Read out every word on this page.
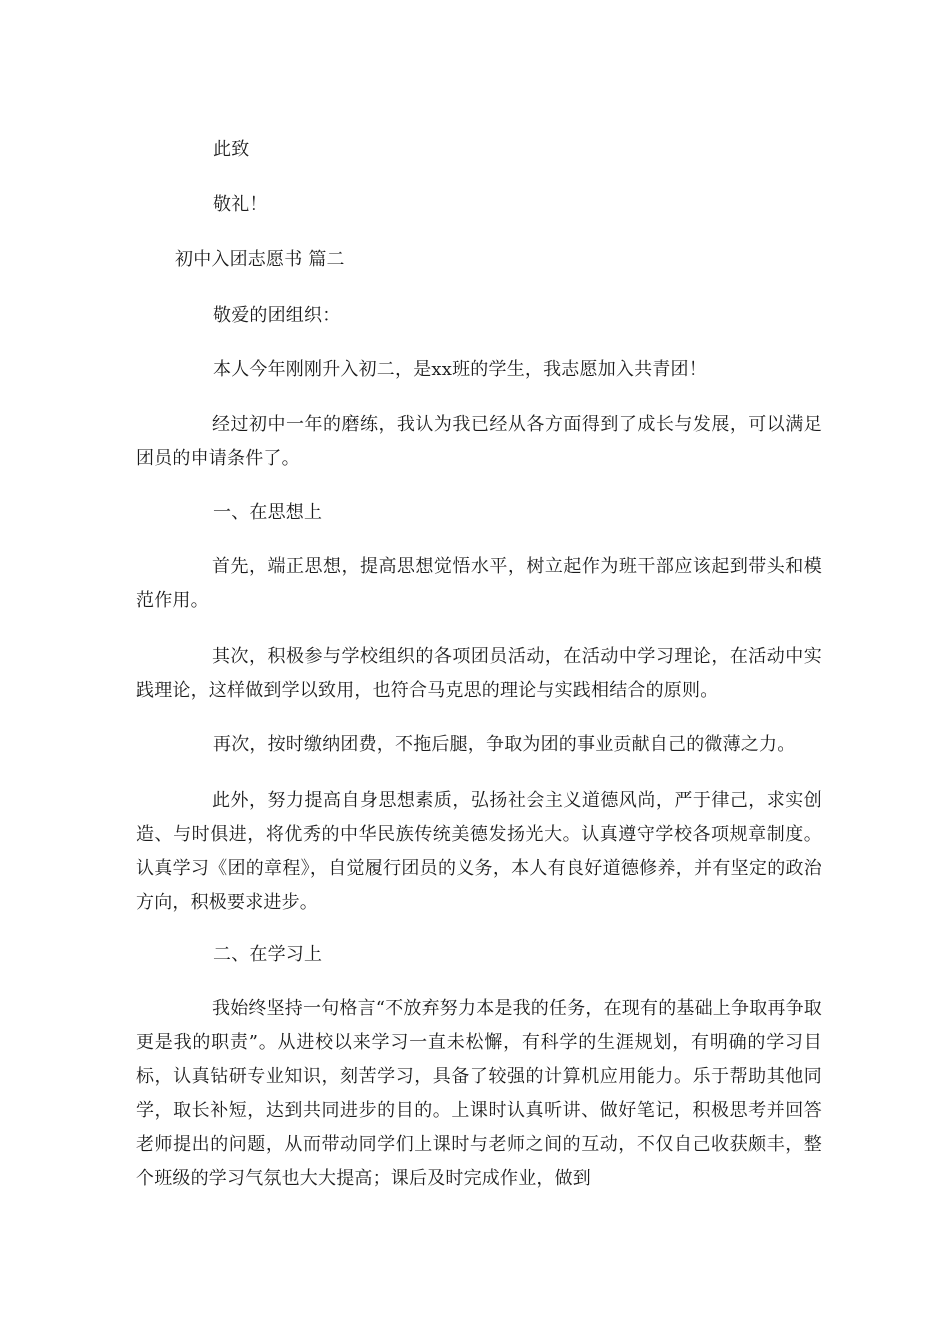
此致
敬礼！
初中入团志愿书 篇二
敬爱的团组织：
本人今年刚刚升入初二，是xx班的学生，我志愿加入共青团！
经过初中一年的磨练，我认为我已经从各方面得到了成长与发展，可以满足团员的申请条件了。
一、在思想上
首先，端正思想，提高思想觉悟水平，树立起作为班干部应该起到带头和模范作用。
其次，积极参与学校组织的各项团员活动，在活动中学习理论，在活动中实践理论，这样做到学以致用，也符合马克思的理论与实践相结合的原则。
再次，按时缴纳团费，不拖后腿，争取为团的事业贡献自己的微薄之力。
此外，努力提高自身思想素质，弘扬社会主义道德风尚，严于律己，求实创造、与时俱进，将优秀的中华民族传统美德发扬光大。认真遵守学校各项规章制度。认真学习《团的章程》，自觉履行团员的义务，本人有良好道德修养，并有坚定的政治方向，积极要求进步。
二、在学习上
我始终坚持一句格言“不放弃努力本是我的任务，在现有的基础上争取再争取更是我的职责”。从进校以来学习一直未松懈，有科学的生涯规划，有明确的学习目标，认真钻研专业知识，刻苦学习，具备了较强的计算机应用能力。乐于帮助其他同学，取长补短，达到共同进步的目的。上课时认真听讲、做好笔记，积极思考并回答老师提出的问题，从而带动同学们上课时与老师之间的互动，不仅自己收获颇丰，整个班级的学习气氛也大大提高；课后及时完成作业，做到
